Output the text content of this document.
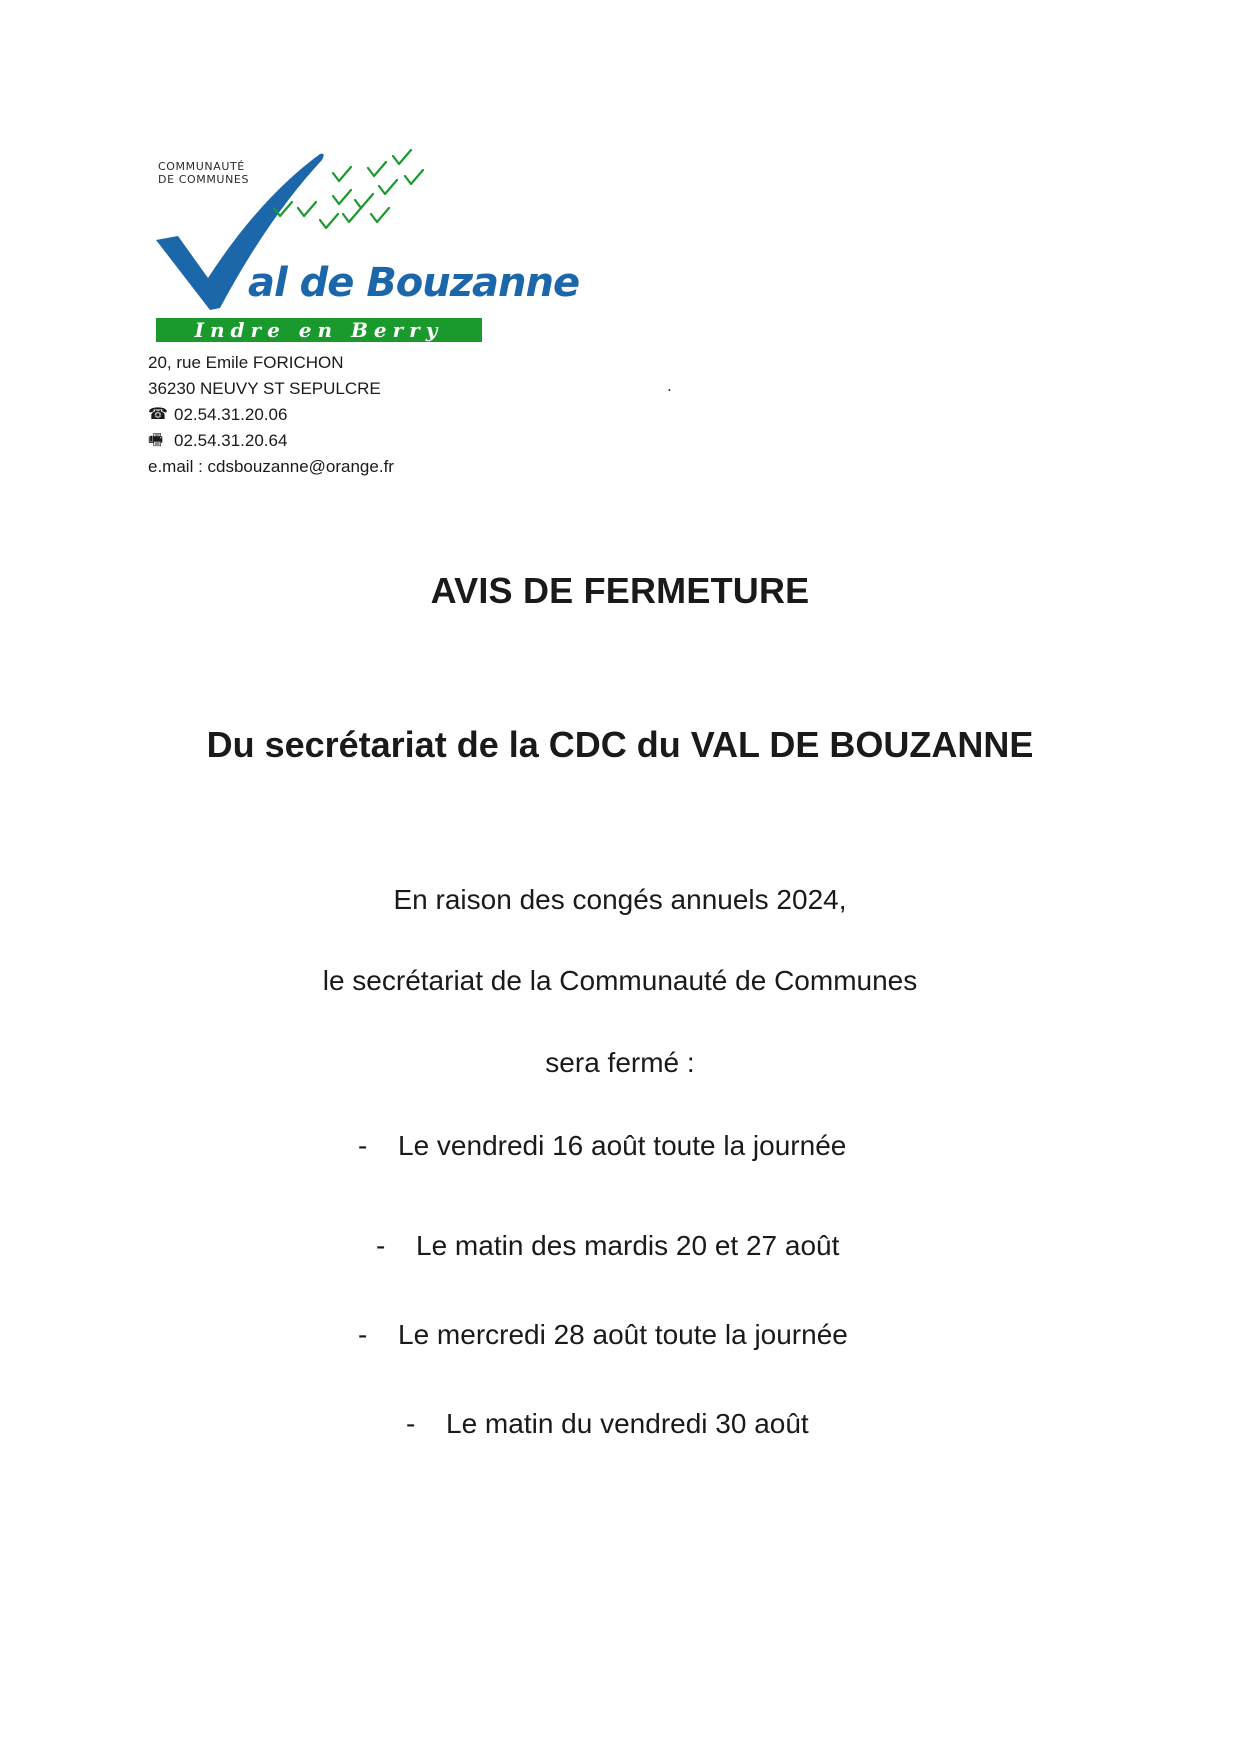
COMMUNAUTÉ
DE COMMUNES
al de Bouzanne
Indre en Berry
20, rue Emile FORICHON
36230 NEUVY ST SEPULCRE
☎ 02.54.31.20.06
🖷 02.54.31.20.64
e.mail : cdsbouzanne@orange.fr
.
AVIS DE FERMETURE
Du secrétariat de la CDC du VAL DE BOUZANNE
En raison des congés annuels 2024,
le secrétariat de la Communauté de Communes
sera fermé :
- Le vendredi 16 août toute la journée
- Le matin des mardis 20 et 27 août
- Le mercredi 28 août toute la journée
- Le matin du vendredi 30 août
